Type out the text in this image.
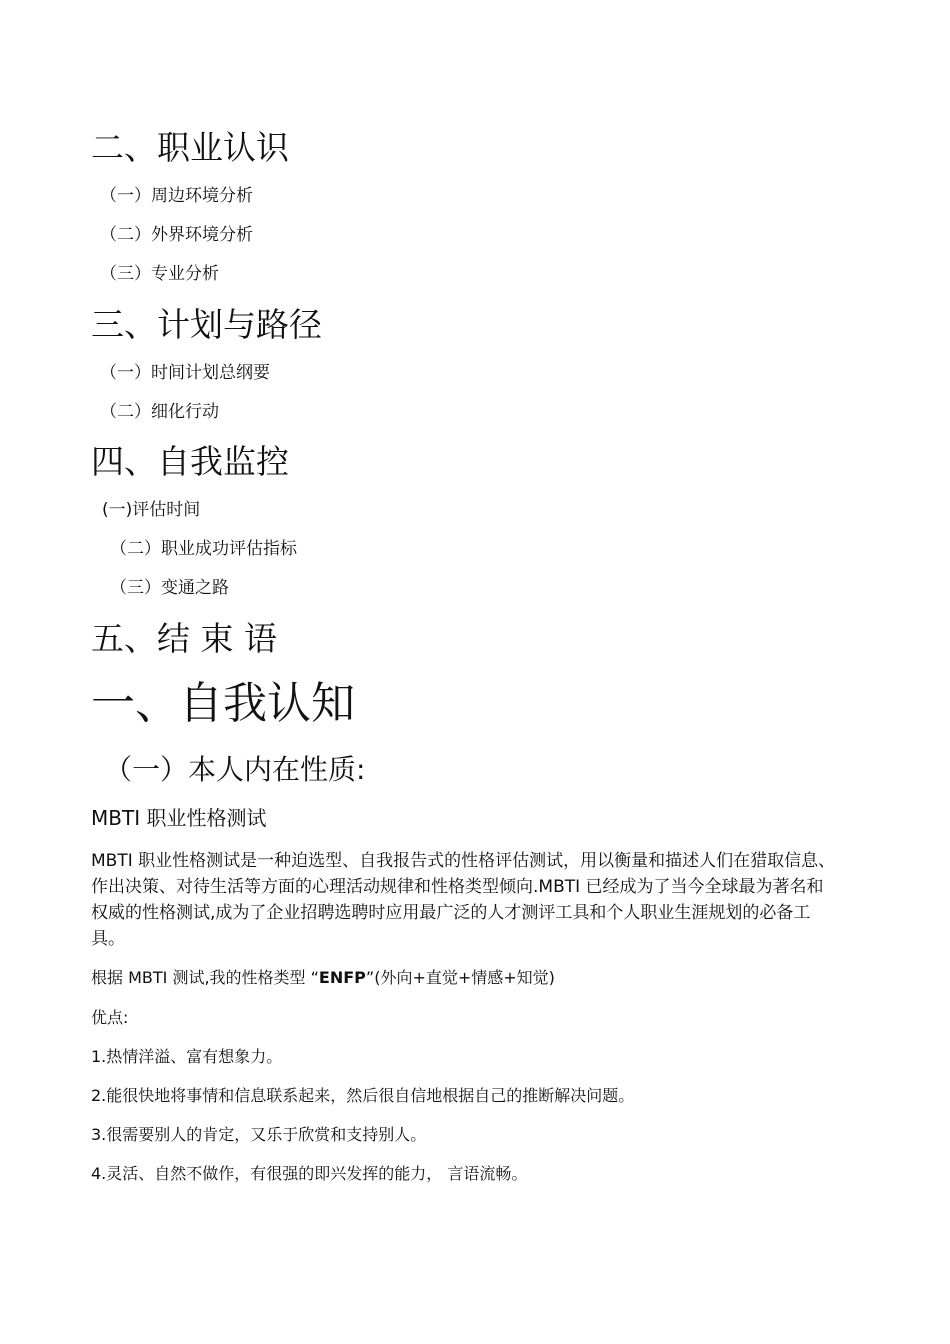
二、职业认识
（一）周边环境分析
（二）外界环境分析
（三）专业分析
三、计划与路径
（一）时间计划总纲要
（二）细化行动
四、自我监控
(一)评估时间
（二）职业成功评估指标
（三）变通之路
五、结 束 语
一、自我认知
（一）本人内在性质:
MBTI 职业性格测试
MBTI 职业性格测试是一种迫选型、自我报告式的性格评估测试，用以衡量和描述人们在猎取信息、作出决策、对待生活等方面的心理活动规律和性格类型倾向.MBTI 已经成为了当今全球最为著名和权威的性格测试,成为了企业招聘选聘时应用最广泛的人才测评工具和个人职业生涯规划的必备工具。
根据 MBTI 测试,我的性格类型 “ENFP”(外向+直觉+情感+知觉)
优点:
1.热情洋溢、富有想象力。
2.能很快地将事情和信息联系起来，然后很自信地根据自己的推断解决问题。
3.很需要别人的肯定，又乐于欣赏和支持别人。
4.灵活、自然不做作，有很强的即兴发挥的能力， 言语流畅。
